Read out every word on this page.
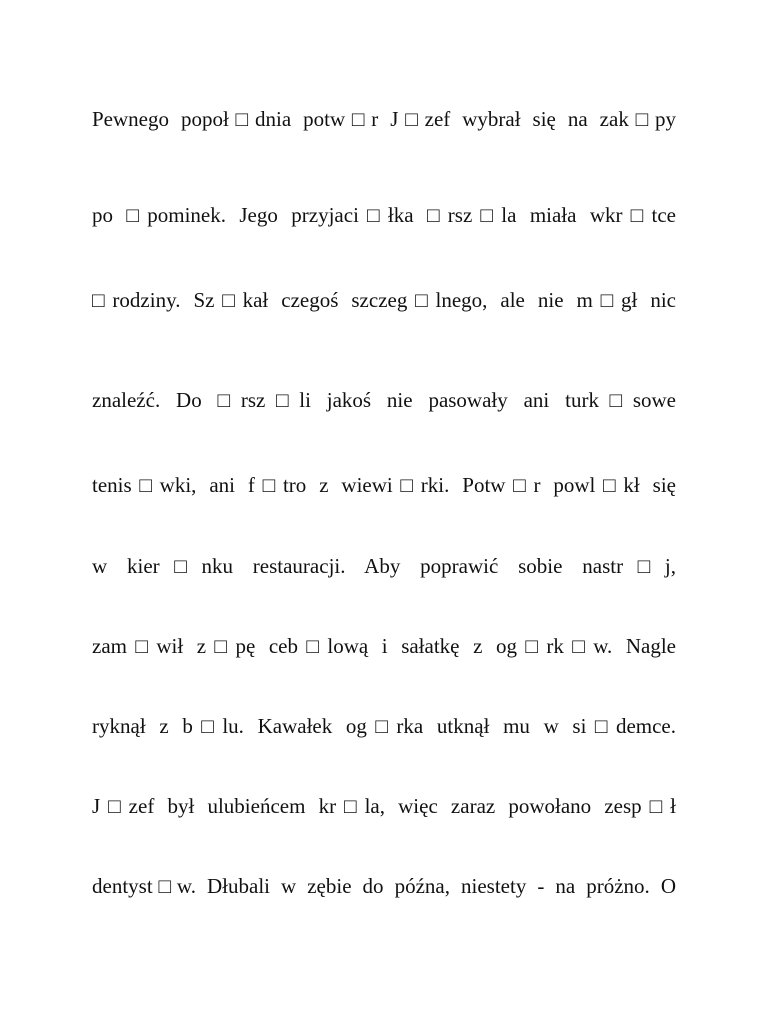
Pewnego popoł□dnia potw□r J□zef wybrał się na zak□py
po □pominek. Jego przyjaci□łka □rsz□la miała wkr□tce
□rodziny. Sz□kał czegoś szczeg□lnego, ale nie m□gł nic
znaleźć. Do □rsz□li jakoś nie pasowały ani turk□sowe
tenis□wki, ani f□tro z wiewi□rki. Potw□r powl□kł się
w kier□nku restauracji. Aby poprawić sobie nastr□j,
zam□wił z□pę ceb□lową i sałatkę z og□rk□w. Nagle
ryknął z b□lu. Kawałek og□rka utknął mu w si□demce.
J□zef był ulubieńcem kr□la, więc zaraz powołano zesp□ł
dentyst□w. Dłubali w zębie do późna, niestety - na próżno. O
